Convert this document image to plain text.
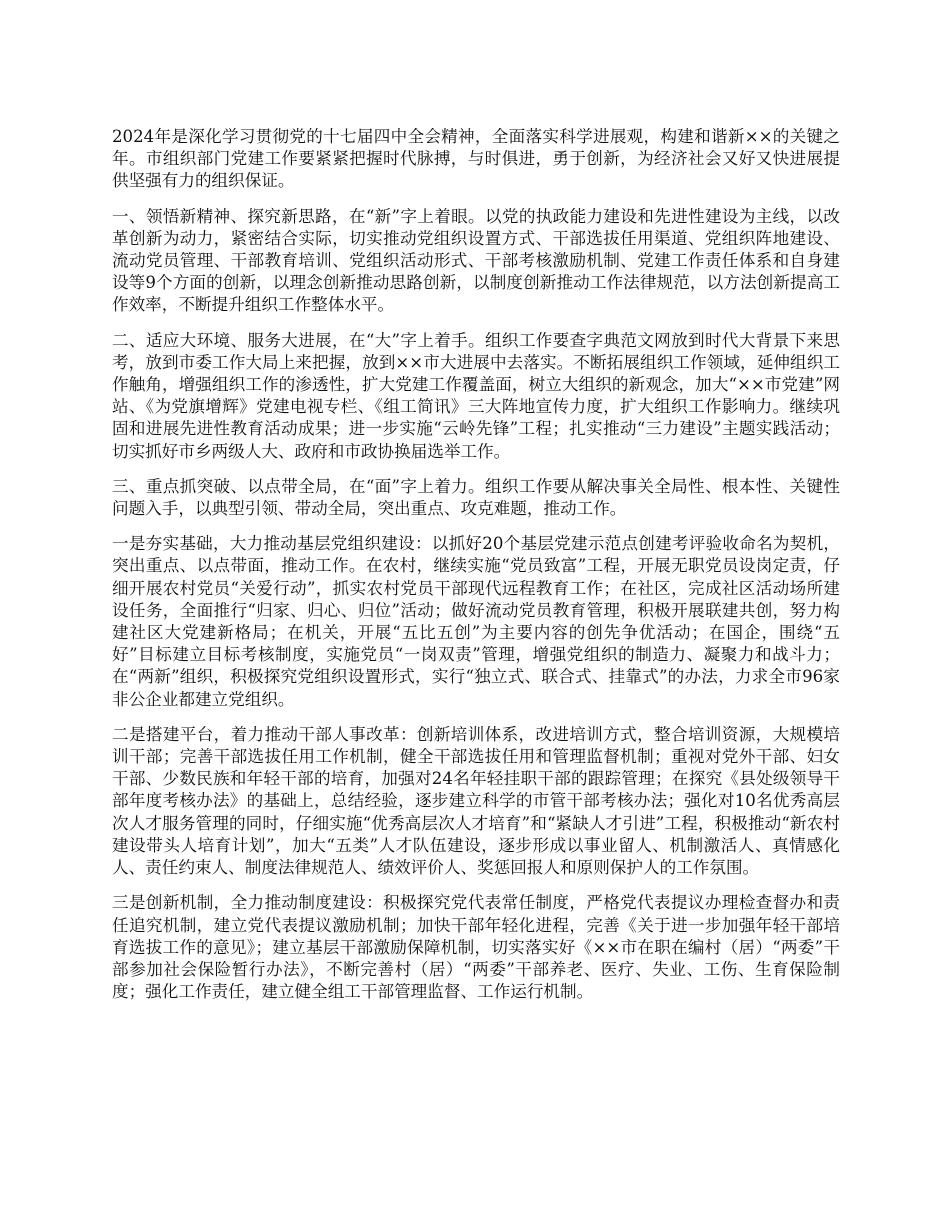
2024年是深化学习贯彻党的十七届四中全会精神，全面落实科学进展观，构建和谐新××的关键之年。市组织部门党建工作要紧紧把握时代脉搏，与时俱进，勇于创新，为经济社会又好又快进展提供坚强有力的组织保证。

一、领悟新精神、探究新思路，在“新”字上着眼。以党的执政能力建设和先进性建设为主线，以改革创新为动力，紧密结合实际，切实推动党组织设置方式、干部选拔任用渠道、党组织阵地建设、流动党员管理、干部教育培训、党组织活动形式、干部考核激励机制、党建工作责任体系和自身建设等9个方面的创新，以理念创新推动思路创新，以制度创新推动工作法律规范，以方法创新提高工作效率，不断提升组织工作整体水平。

二、适应大环境、服务大进展，在“大”字上着手。组织工作要查字典范文网放到时代大背景下来思考，放到市委工作大局上来把握，放到××市大进展中去落实。不断拓展组织工作领域，延伸组织工作触角，增强组织工作的渗透性，扩大党建工作覆盖面，树立大组织的新观念，加大“××市党建”网站、《为党旗增辉》党建电视专栏、《组工简讯》三大阵地宣传力度，扩大组织工作影响力。继续巩固和进展先进性教育活动成果；进一步实施“云岭先锋”工程；扎实推动“三力建设”主题实践活动；切实抓好市乡两级人大、政府和市政协换届选举工作。

三、重点抓突破、以点带全局，在“面”字上着力。组织工作要从解决事关全局性、根本性、关键性问题入手，以典型引领、带动全局，突出重点、攻克难题，推动工作。

一是夯实基础，大力推动基层党组织建设：以抓好20个基层党建示范点创建考评验收命名为契机，突出重点、以点带面，推动工作。在农村，继续实施“党员致富”工程，开展无职党员设岗定责，仔细开展农村党员“关爱行动”，抓实农村党员干部现代远程教育工作；在社区，完成社区活动场所建设任务，全面推行“归家、归心、归位”活动；做好流动党员教育管理，积极开展联建共创，努力构建社区大党建新格局；在机关，开展“五比五创”为主要内容的创先争优活动；在国企，围绕“五好”目标建立目标考核制度，实施党员“一岗双责”管理，增强党组织的制造力、凝聚力和战斗力；在“两新”组织，积极探究党组织设置形式，实行“独立式、联合式、挂靠式”的办法，力求全市96家非公企业都建立党组织。

二是搭建平台，着力推动干部人事改革：创新培训体系，改进培训方式，整合培训资源，大规模培训干部；完善干部选拔任用工作机制，健全干部选拔任用和管理监督机制；重视对党外干部、妇女干部、少数民族和年轻干部的培育，加强对24名年轻挂职干部的跟踪管理；在探究《县处级领导干部年度考核办法》的基础上，总结经验，逐步建立科学的市管干部考核办法；强化对10名优秀高层次人才服务管理的同时，仔细实施“优秀高层次人才培育”和“紧缺人才引进”工程，积极推动“新农村建设带头人培育计划”，加大“五类”人才队伍建设，逐步形成以事业留人、机制激活人、真情感化人、责任约束人、制度法律规范人、绩效评价人、奖惩回报人和原则保护人的工作氛围。

三是创新机制，全力推动制度建设：积极探究党代表常任制度，严格党代表提议办理检查督办和责任追究机制，建立党代表提议激励机制；加快干部年轻化进程，完善《关于进一步加强年轻干部培育选拔工作的意见》；建立基层干部激励保障机制，切实落实好《××市在职在编村（居）“两委”干部参加社会保险暂行办法》，不断完善村（居）“两委”干部养老、医疗、失业、工伤、生育保险制度；强化工作责任，建立健全组工干部管理监督、工作运行机制。
